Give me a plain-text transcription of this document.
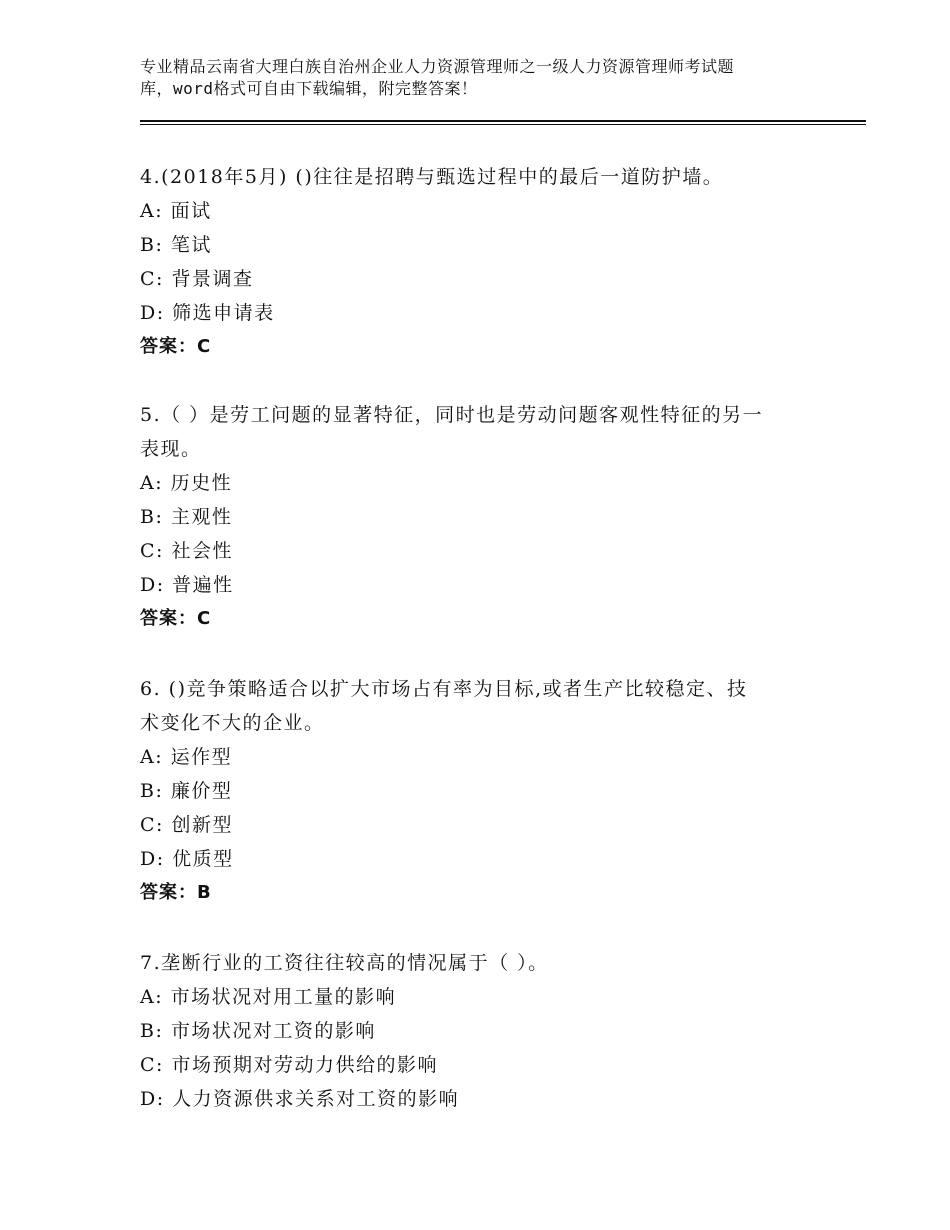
专业精品云南省大理白族自治州企业人力资源管理师之一级人力资源管理师考试题
库，word格式可自由下载编辑，附完整答案！
4.(2018年5月) ()往往是招聘与甄选过程中的最后一道防护墙。
A: 面试
B: 笔试
C: 背景调查
D: 筛选申请表
答案：C
5.（ ）是劳工问题的显著特征，同时也是劳动问题客观性特征的另一
表现。
A: 历史性
B: 主观性
C: 社会性
D: 普遍性
答案：C
6. ()竞争策略适合以扩大市场占有率为目标,或者生产比较稳定、技
术变化不大的企业。
A: 运作型
B: 廉价型
C: 创新型
D: 优质型
答案：B
7.垄断行业的工资往往较高的情况属于（ ）。
A: 市场状况对用工量的影响
B: 市场状况对工资的影响
C: 市场预期对劳动力供给的影响
D: 人力资源供求关系对工资的影响
